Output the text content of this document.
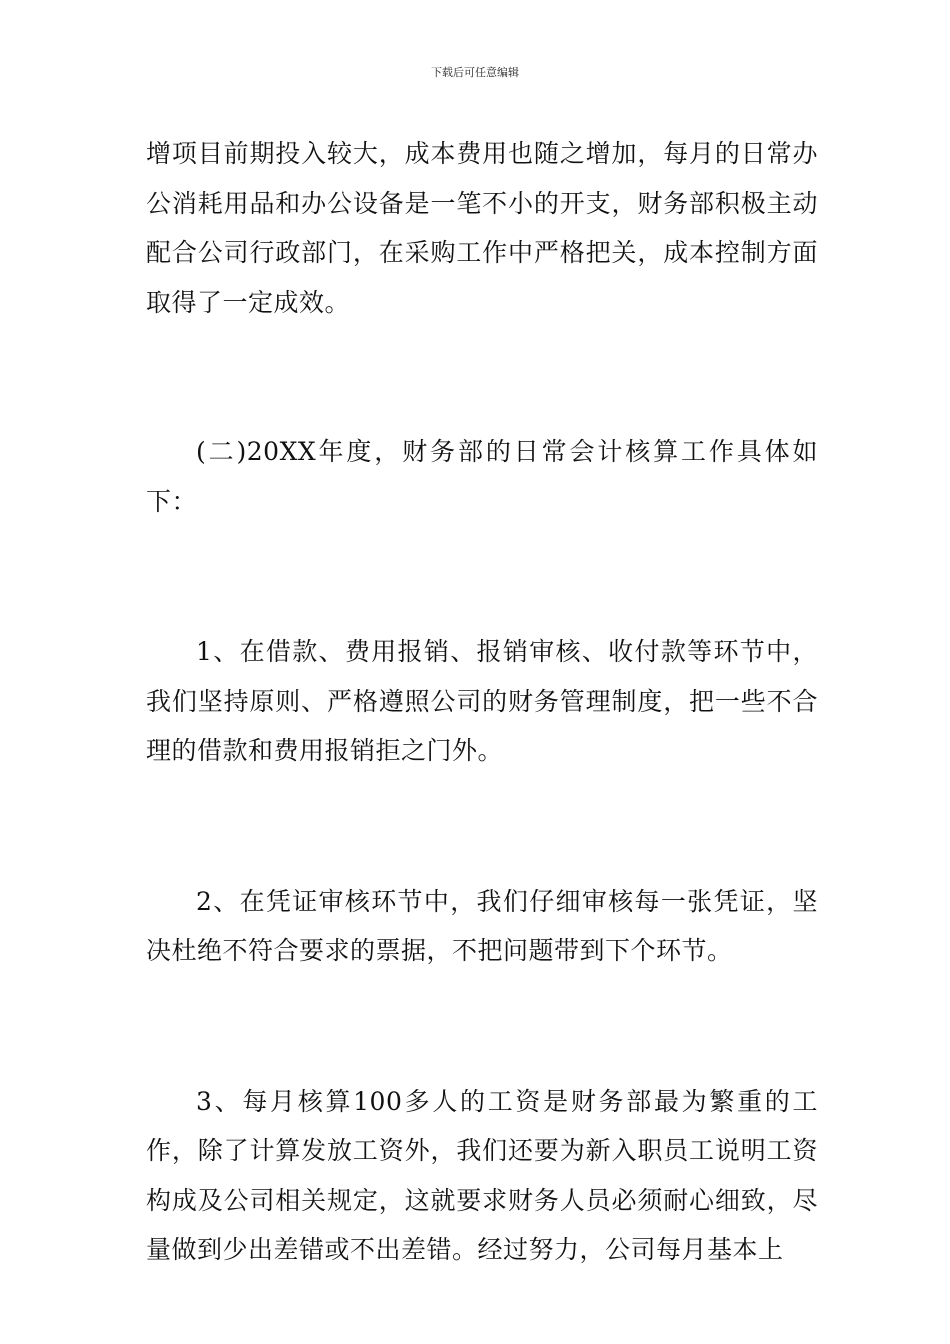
下载后可任意编辑

增项目前期投入较大，成本费用也随之增加，每月的日常办公消耗用品和办公设备是一笔不小的开支，财务部积极主动配合公司行政部门，在采购工作中严格把关，成本控制方面取得了一定成效。

(二)20XX年度，财务部的日常会计核算工作具体如下：

1、在借款、费用报销、报销审核、收付款等环节中，我们坚持原则、严格遵照公司的财务管理制度，把一些不合理的借款和费用报销拒之门外。

2、在凭证审核环节中，我们仔细审核每一张凭证，坚决杜绝不符合要求的票据，不把问题带到下个环节。

3、每月核算100多人的工资是财务部最为繁重的工作，除了计算发放工资外，我们还要为新入职员工说明工资构成及公司相关规定，这就要求财务人员必须耐心细致，尽量做到少出差错或不出差错。经过努力，公司每月基本上
